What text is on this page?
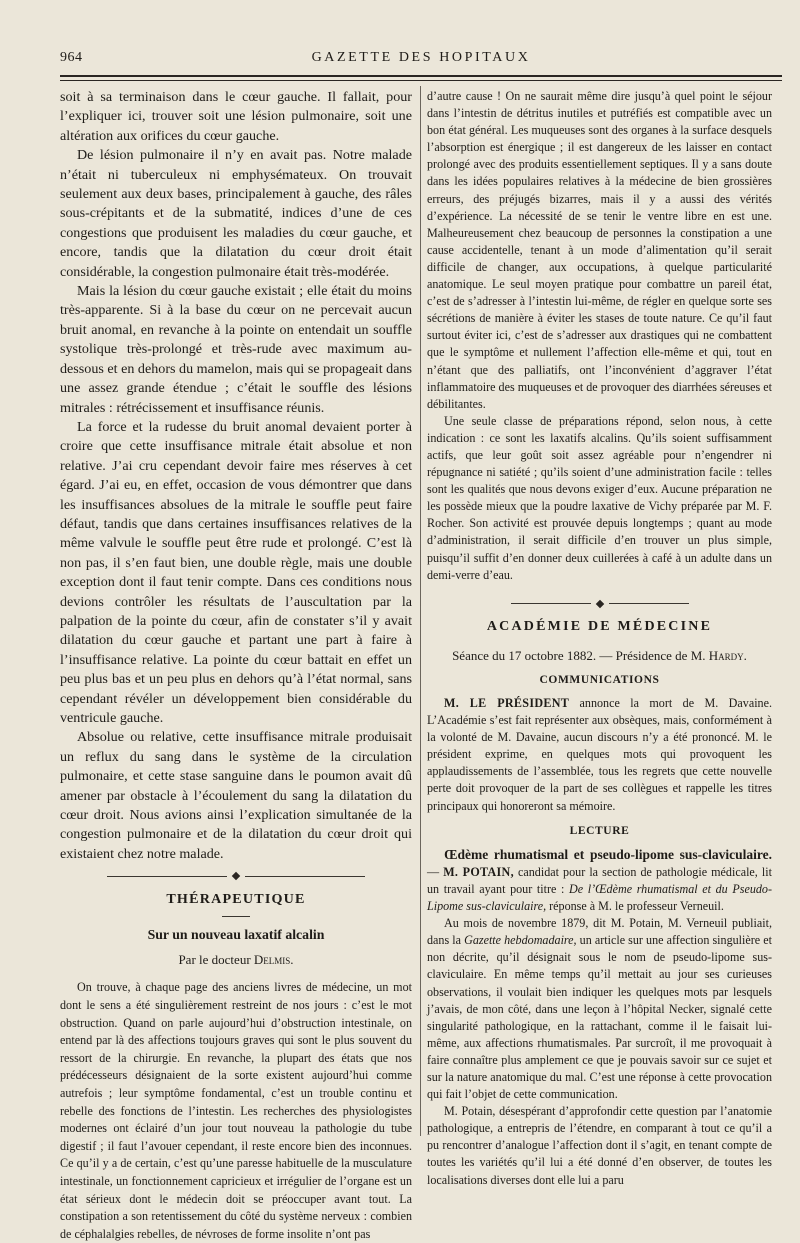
964	GAZETTE DES HOPITAUX

soit à sa terminaison dans le cœur gauche. Il fallait, pour l’expliquer ici, trouver soit une lésion pulmonaire, soit une altération aux orifices du cœur gauche.

De lésion pulmonaire il n’y en avait pas. Notre malade n’était ni tuberculeux ni emphysémateux. On trouvait seulement aux deux bases, principalement à gauche, des râles sous-crépitants et de la submatité, indices d’une de ces congestions que produisent les maladies du cœur gauche, et encore, tandis que la dilatation du cœur droit était considérable, la congestion pulmonaire était très-modérée.

Mais la lésion du cœur gauche existait ; elle était du moins très-apparente. Si à la base du cœur on ne percevait aucun bruit anomal, en revanche à la pointe on entendait un souffle systolique très-prolongé et très-rude avec maximum au-dessous et en dehors du mamelon, mais qui se propageait dans une assez grande étendue ; c’était le souffle des lésions mitrales : rétrécissement et insuffisance réunis.

La force et la rudesse du bruit anomal devaient porter à croire que cette insuffisance mitrale était absolue et non relative. J’ai cru cependant devoir faire mes réserves à cet égard. J’ai eu, en effet, occasion de vous démontrer que dans les insuffisances absolues de la mitrale le souffle peut faire défaut, tandis que dans certaines insuffisances relatives de la même valvule le souffle peut être rude et prolongé. C’est là non pas, il s’en faut bien, une double règle, mais une double exception dont il faut tenir compte. Dans ces conditions nous devions contrôler les résultats de l’auscultation par la palpation de la pointe du cœur, afin de constater s’il y avait dilatation du cœur gauche et partant une part à faire à l’insuffisance relative. La pointe du cœur battait en effet un peu plus bas et un peu plus en dehors qu’à l’état normal, sans cependant révéler un développement bien considérable du ventricule gauche.

Absolue ou relative, cette insuffisance mitrale produisait un reflux du sang dans le système de la circulation pulmonaire, et cette stase sanguine dans le poumon avait dû amener par obstacle à l’écoulement du sang la dilatation du cœur droit. Nous avions ainsi l’explication simultanée de la congestion pulmonaire et de la dilatation du cœur droit qui existaient chez notre malade.

THÉRAPEUTIQUE
Sur un nouveau laxatif alcalin
Par le docteur Delmis.

On trouve, à chaque page des anciens livres de médecine, un mot dont le sens a été singulièrement restreint de nos jours : c’est le mot obstruction. Quand on parle aujourd’hui d’obstruction intestinale, on entend par là des affections toujours graves qui sont le plus souvent du ressort de la chirurgie. En revanche, la plupart des états que nos prédécesseurs désignaient de la sorte existent aujourd’hui comme autrefois ; leur symptôme fondamental, c’est un trouble continu et rebelle des fonctions de l’intestin. Les recherches des physiologistes modernes ont éclairé d’un jour tout nouveau la pathologie du tube digestif ; il faut l’avouer cependant, il reste encore bien des inconnues. Ce qu’il y a de certain, c’est qu’une paresse habituelle de la musculature intestinale, un fonctionnement capricieux et irrégulier de l’organe est un état sérieux dont le médecin doit se préoccuper avant tout. La constipation a son retentissement du côté du système nerveux : combien de céphalalgies rebelles, de névroses de forme insolite n’ont pas

d’autre cause ! On ne saurait même dire jusqu’à quel point le séjour dans l’intestin de détritus inutiles et putréfiés est compatible avec un bon état général. Les muqueuses sont des organes à la surface desquels l’absorption est énergique ; il est dangereux de les laisser en contact prolongé avec des produits essentiellement septiques. Il y a sans doute dans les idées populaires relatives à la médecine de bien grossières erreurs, des préjugés bizarres, mais il y a aussi des vérités d’expérience. La nécessité de se tenir le ventre libre en est une. Malheureusement chez beaucoup de personnes la constipation a une cause accidentelle, tenant à un mode d’alimentation qu’il serait difficile de changer, aux occupations, à quelque particularité anatomique. Le seul moyen pratique pour combattre un pareil état, c’est de s’adresser à l’intestin lui-même, de régler en quelque sorte ses sécrétions de manière à éviter les stases de toute nature. Ce qu’il faut surtout éviter ici, c’est de s’adresser aux drastiques qui ne combattent que le symptôme et nullement l’affection elle-même et qui, tout en n’étant que des palliatifs, ont l’inconvénient d’aggraver l’état inflammatoire des muqueuses et de provoquer des diarrhées séreuses et débilitantes.

Une seule classe de préparations répond, selon nous, à cette indication : ce sont les laxatifs alcalins. Qu’ils soient suffisamment actifs, que leur goût soit assez agréable pour n’engendrer ni répugnance ni satiété ; qu’ils soient d’une administration facile : telles sont les qualités que nous devons exiger d’eux. Aucune préparation ne les possède mieux que la poudre laxative de Vichy préparée par M. F. Rocher. Son activité est prouvée depuis longtemps ; quant au mode d’administration, il serait difficile d’en trouver un plus simple, puisqu’il suffit d’en donner deux cuillerées à café à un adulte dans un demi-verre d’eau.

ACADÉMIE DE MÉDECINE
Séance du 17 octobre 1882. — Présidence de M. Hardy.
COMMUNICATIONS

M. LE PRÉSIDENT annonce la mort de M. Davaine. L’Académie s’est fait représenter aux obsèques, mais, conformément à la volonté de M. Davaine, aucun discours n’y a été prononcé. M. le président exprime, en quelques mots qui provoquent les applaudissements de l’assemblée, tous les regrets que cette nouvelle perte doit provoquer de la part de ses collègues et rappelle les titres principaux qui honoreront sa mémoire.

LECTURE

Œdème rhumatismal et pseudo-lipome sus-claviculaire. — M. POTAIN, candidat pour la section de pathologie médicale, lit un travail ayant pour titre : De l’Œdème rhumatismal et du Pseudo-Lipome sus-claviculaire, réponse à M. le professeur Verneuil.

Au mois de novembre 1879, dit M. Potain, M. Verneuil publiait, dans la Gazette hebdomadaire, un article sur une affection singulière et non décrite, qu’il désignait sous le nom de pseudo-lipome sus-claviculaire. En même temps qu’il mettait au jour ses curieuses observations, il voulait bien indiquer les quelques mots par lesquels j’avais, de mon côté, dans une leçon à l’hôpital Necker, signalé cette singularité pathologique, en la rattachant, comme il le faisait lui-même, aux affections rhumatismales. Par surcroît, il me provoquait à faire connaître plus amplement ce que je pouvais savoir sur ce sujet et sur la nature anatomique du mal. C’est une réponse à cette provocation qui fait l’objet de cette communication.

M. Potain, désespérant d’approfondir cette question par l’anatomie pathologique, a entrepris de l’étendre, en comparant à tout ce qu’il a pu rencontrer d’analogue l’affection dont il s’agit, en tenant compte de toutes les variétés qu’il lui a été donné d’en observer, de toutes les localisations diverses dont elle lui a paru
